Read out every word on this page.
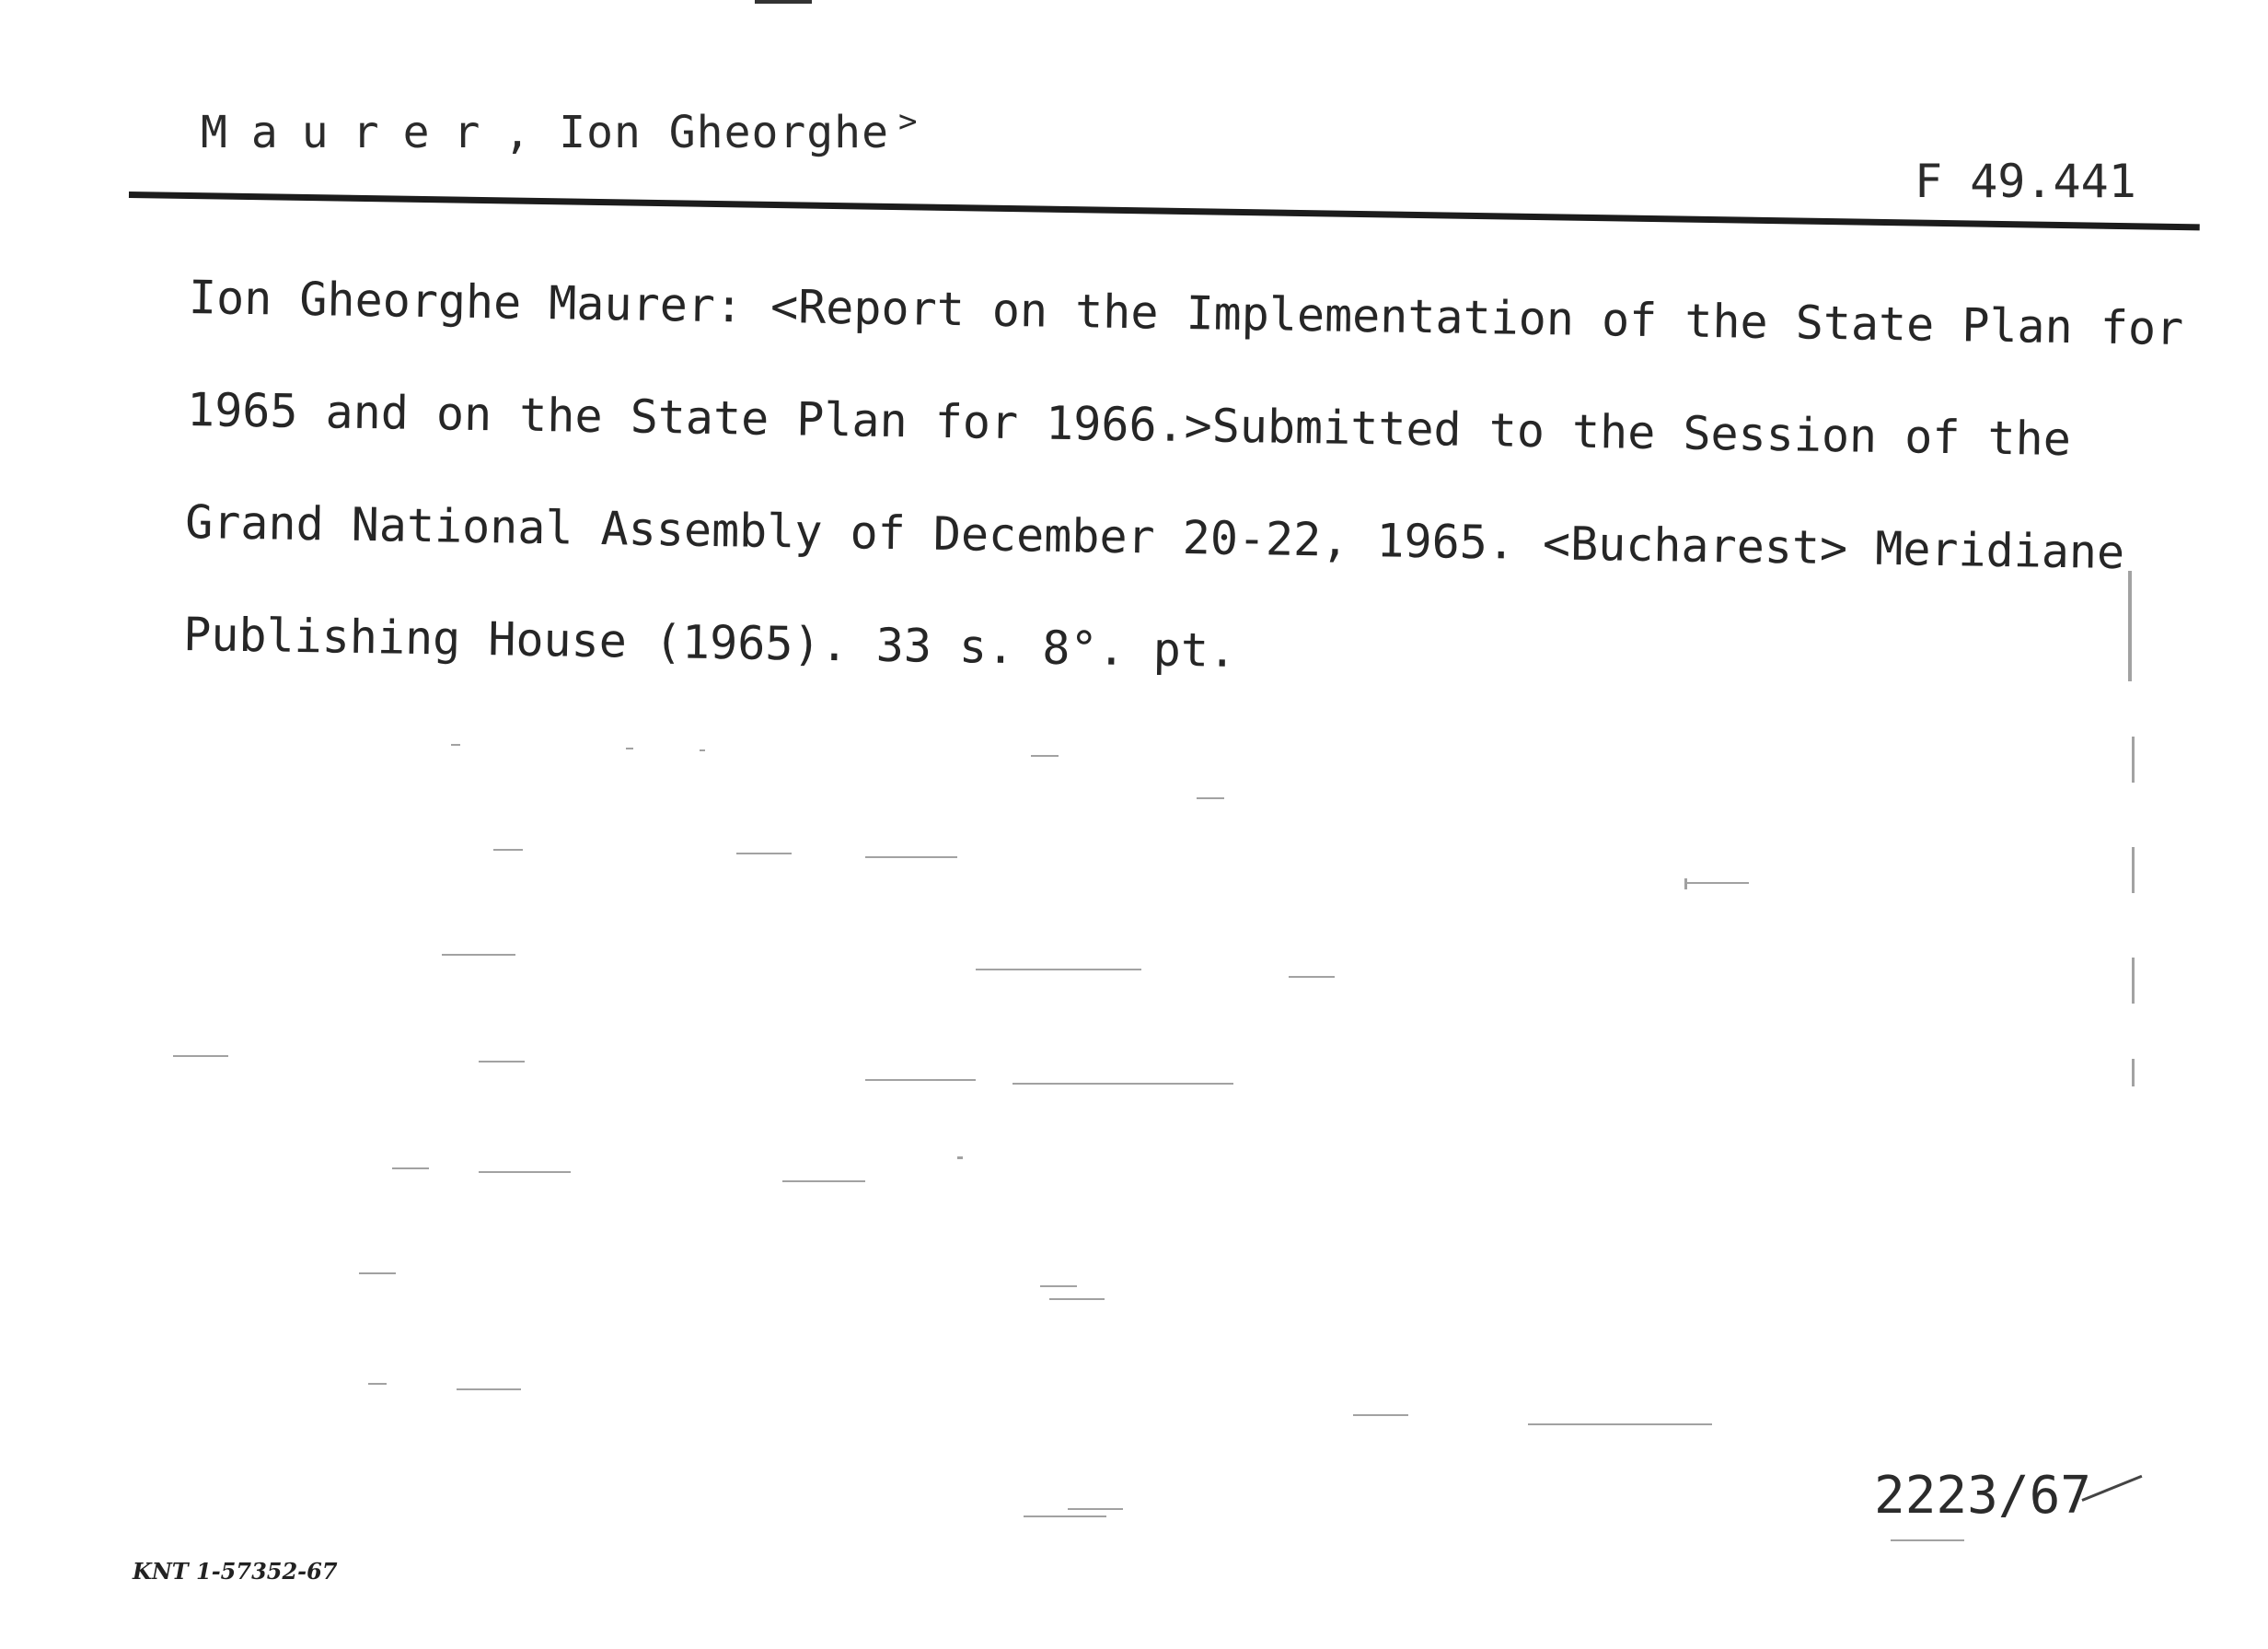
Maurer, Ion Gheorghe >
F 49.441
Ion Gheorghe Maurer: <Report on the Implementation of the State Plan for
1965 and on the State Plan for 1966.>Submitted to the Session of the
Grand National Assembly of December 20-22, 1965. <Bucharest> Meridiane
Publishing House (1965). 33 s. 8°. pt.
2223/67
KNT 1-57352-67
